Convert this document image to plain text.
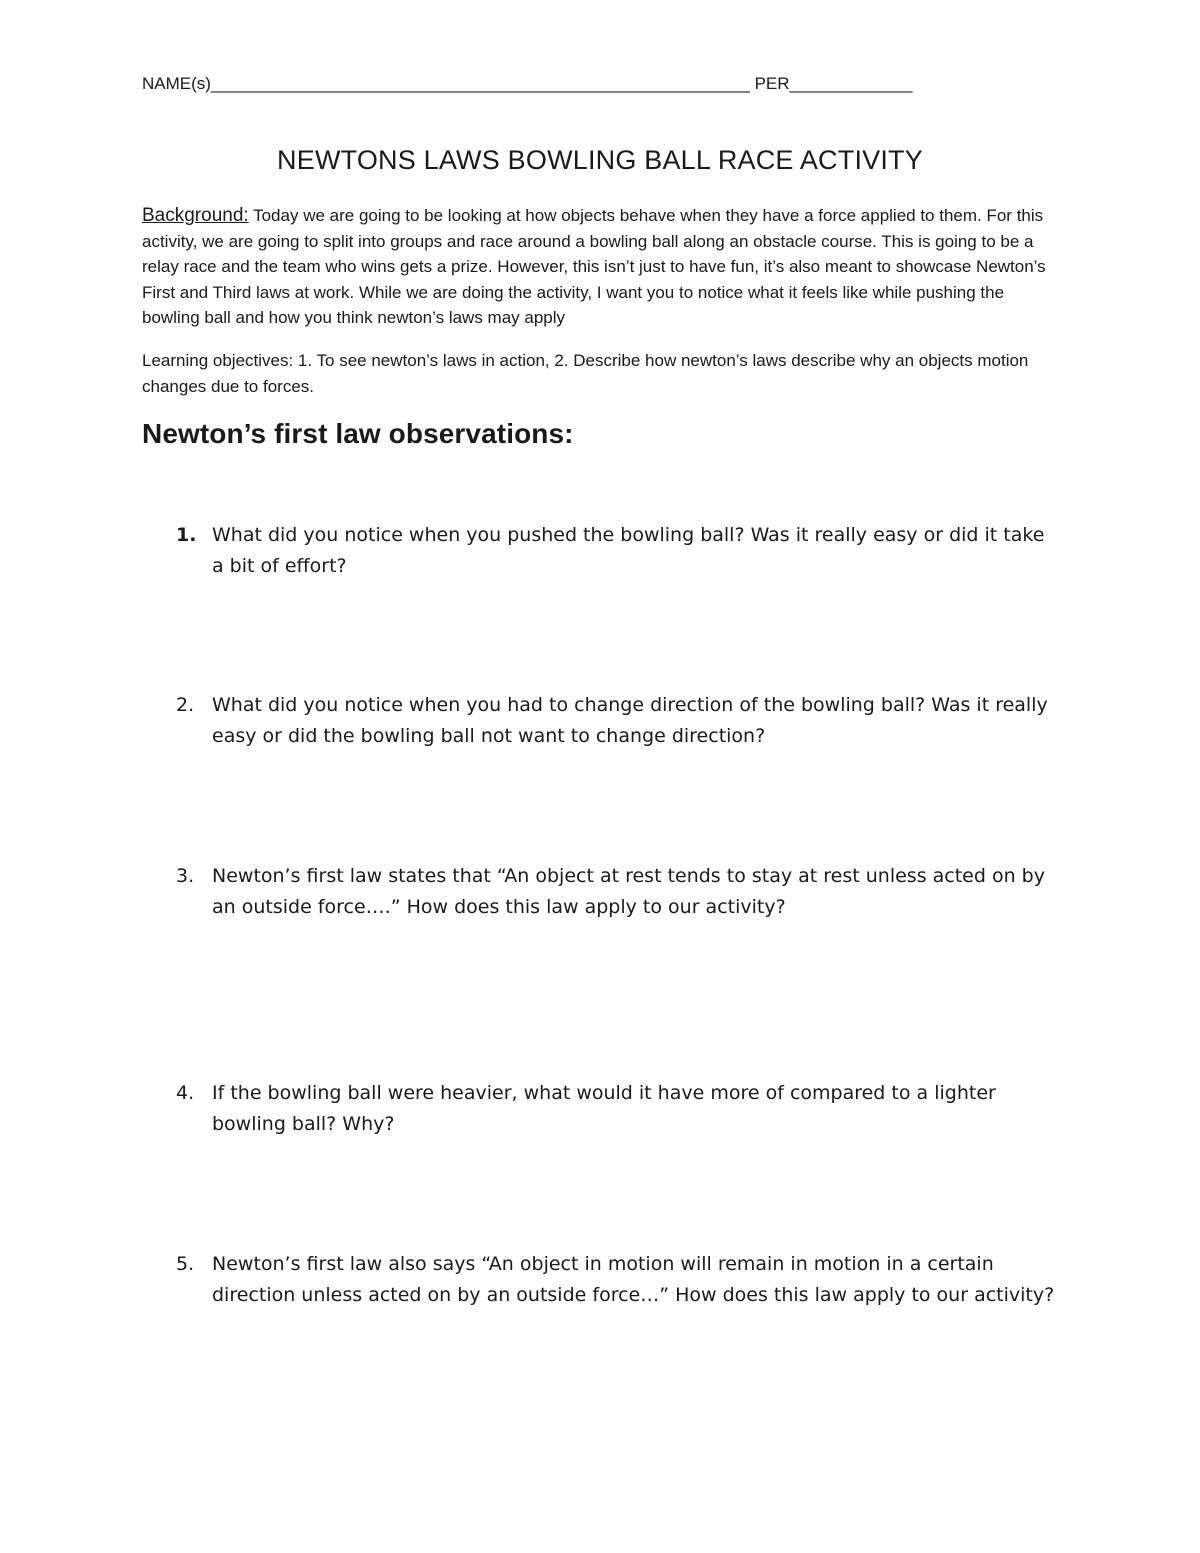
NAME(s)_________________________________________________________ PER_____________
NEWTONS LAWS BOWLING BALL RACE ACTIVITY
Background: Today we are going to be looking at how objects behave when they have a force applied to them. For this activity, we are going to split into groups and race around a bowling ball along an obstacle course. This is going to be a relay race and the team who wins gets a prize. However, this isn’t just to have fun, it’s also meant to showcase Newton’s First and Third laws at work. While we are doing the activity, I want you to notice what it feels like while pushing the bowling ball and how you think newton’s laws may apply
Learning objectives: 1. To see newton’s laws in action, 2. Describe how newton’s laws describe why an objects motion changes due to forces.
Newton’s first law observations:
1. What did you notice when you pushed the bowling ball? Was it really easy or did it take a bit of effort?
2. What did you notice when you had to change direction of the bowling ball? Was it really easy or did the bowling ball not want to change direction?
3. Newton’s first law states that “An object at rest tends to stay at rest unless acted on by an outside force….” How does this law apply to our activity?
4. If the bowling ball were heavier, what would it have more of compared to a lighter bowling ball? Why?
5. Newton’s first law also says “An object in motion will remain in motion in a certain direction unless acted on by an outside force…” How does this law apply to our activity?
